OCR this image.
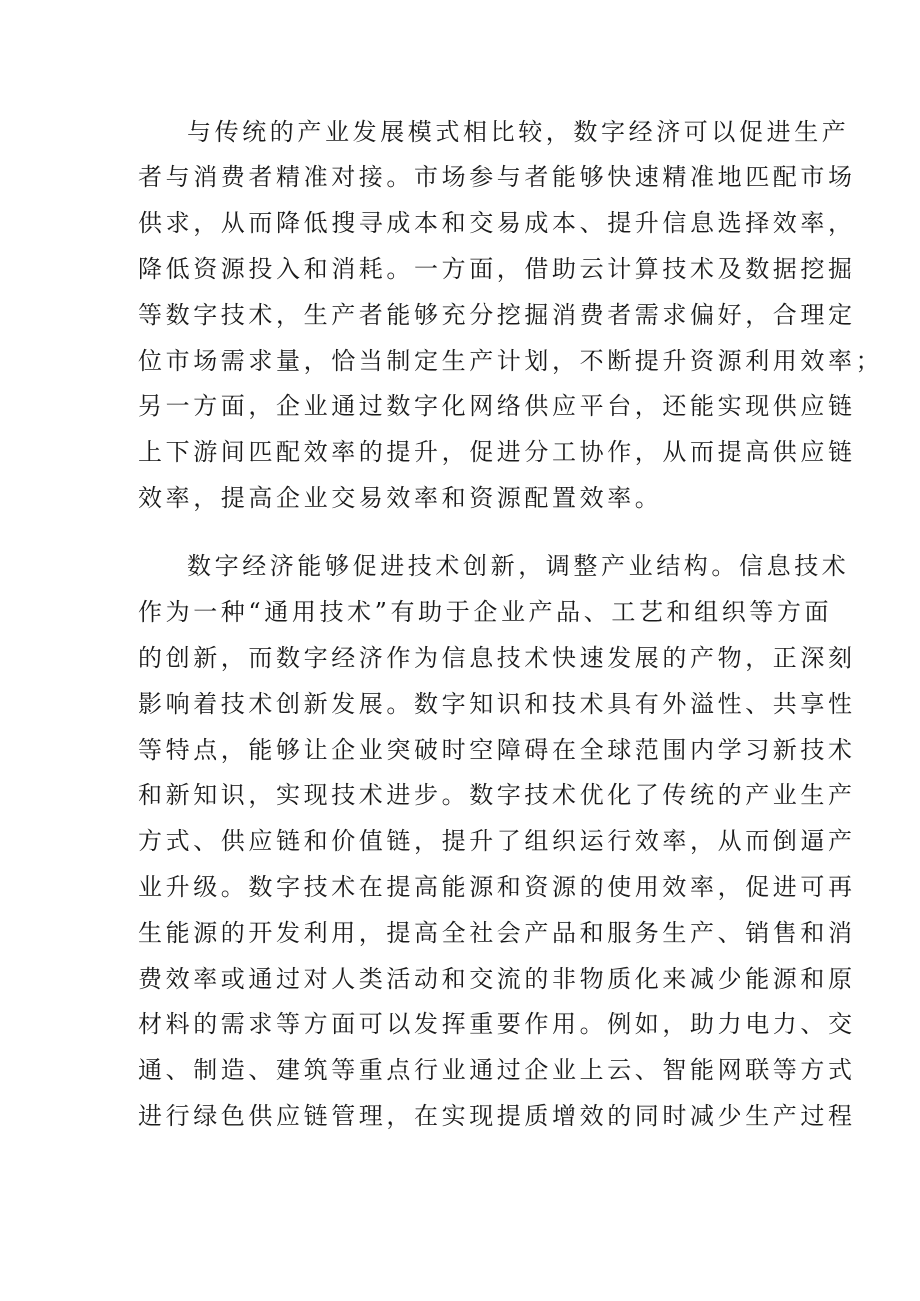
与传统的产业发展模式相比较，数字经济可以促进生产
者与消费者精准对接。市场参与者能够快速精准地匹配市场
供求，从而降低搜寻成本和交易成本、提升信息选择效率，
降低资源投入和消耗。一方面，借助云计算技术及数据挖掘
等数字技术，生产者能够充分挖掘消费者需求偏好，合理定
位市场需求量，恰当制定生产计划，不断提升资源利用效率；
另一方面，企业通过数字化网络供应平台，还能实现供应链
上下游间匹配效率的提升，促进分工协作，从而提高供应链
效率，提高企业交易效率和资源配置效率。
数字经济能够促进技术创新，调整产业结构。信息技术
作为一种“通用技术”有助于企业产品、工艺和组织等方面
的创新，而数字经济作为信息技术快速发展的产物，正深刻
影响着技术创新发展。数字知识和技术具有外溢性、共享性
等特点，能够让企业突破时空障碍在全球范围内学习新技术
和新知识，实现技术进步。数字技术优化了传统的产业生产
方式、供应链和价值链，提升了组织运行效率，从而倒逼产
业升级。数字技术在提高能源和资源的使用效率，促进可再
生能源的开发利用，提高全社会产品和服务生产、销售和消
费效率或通过对人类活动和交流的非物质化来减少能源和原
材料的需求等方面可以发挥重要作用。例如，助力电力、交
通、制造、建筑等重点行业通过企业上云、智能网联等方式
进行绿色供应链管理，在实现提质增效的同时减少生产过程
